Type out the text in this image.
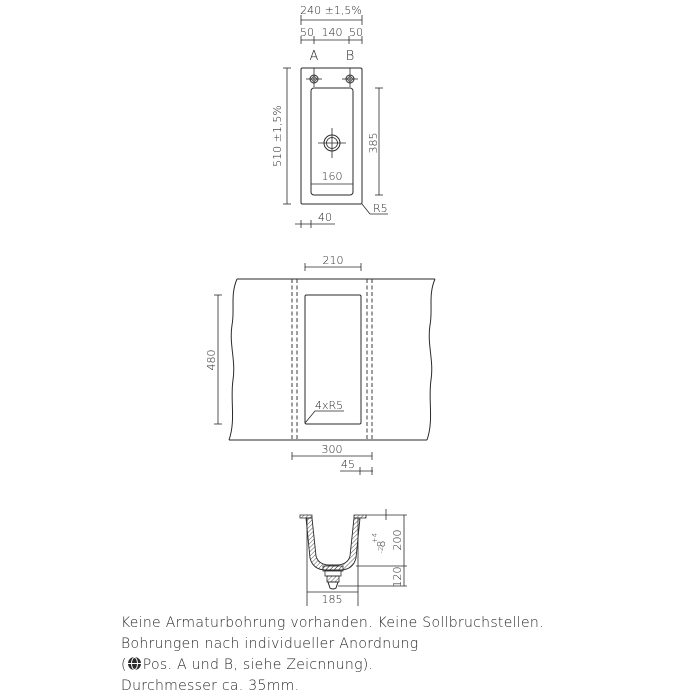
240 ±1,5%
50 140 50
A B
160
510 ±1,5%	385
R5
40
210
4xR5
480
300
45
200
8
+4
-2
120
185
Keine Armaturbohrung vorhanden. Keine Sollbruchstellen.
Bohrungen nach individueller Anordnung
( Pos. A und B, siehe Zeicnnung).
Durchmesser ca. 35mm.
